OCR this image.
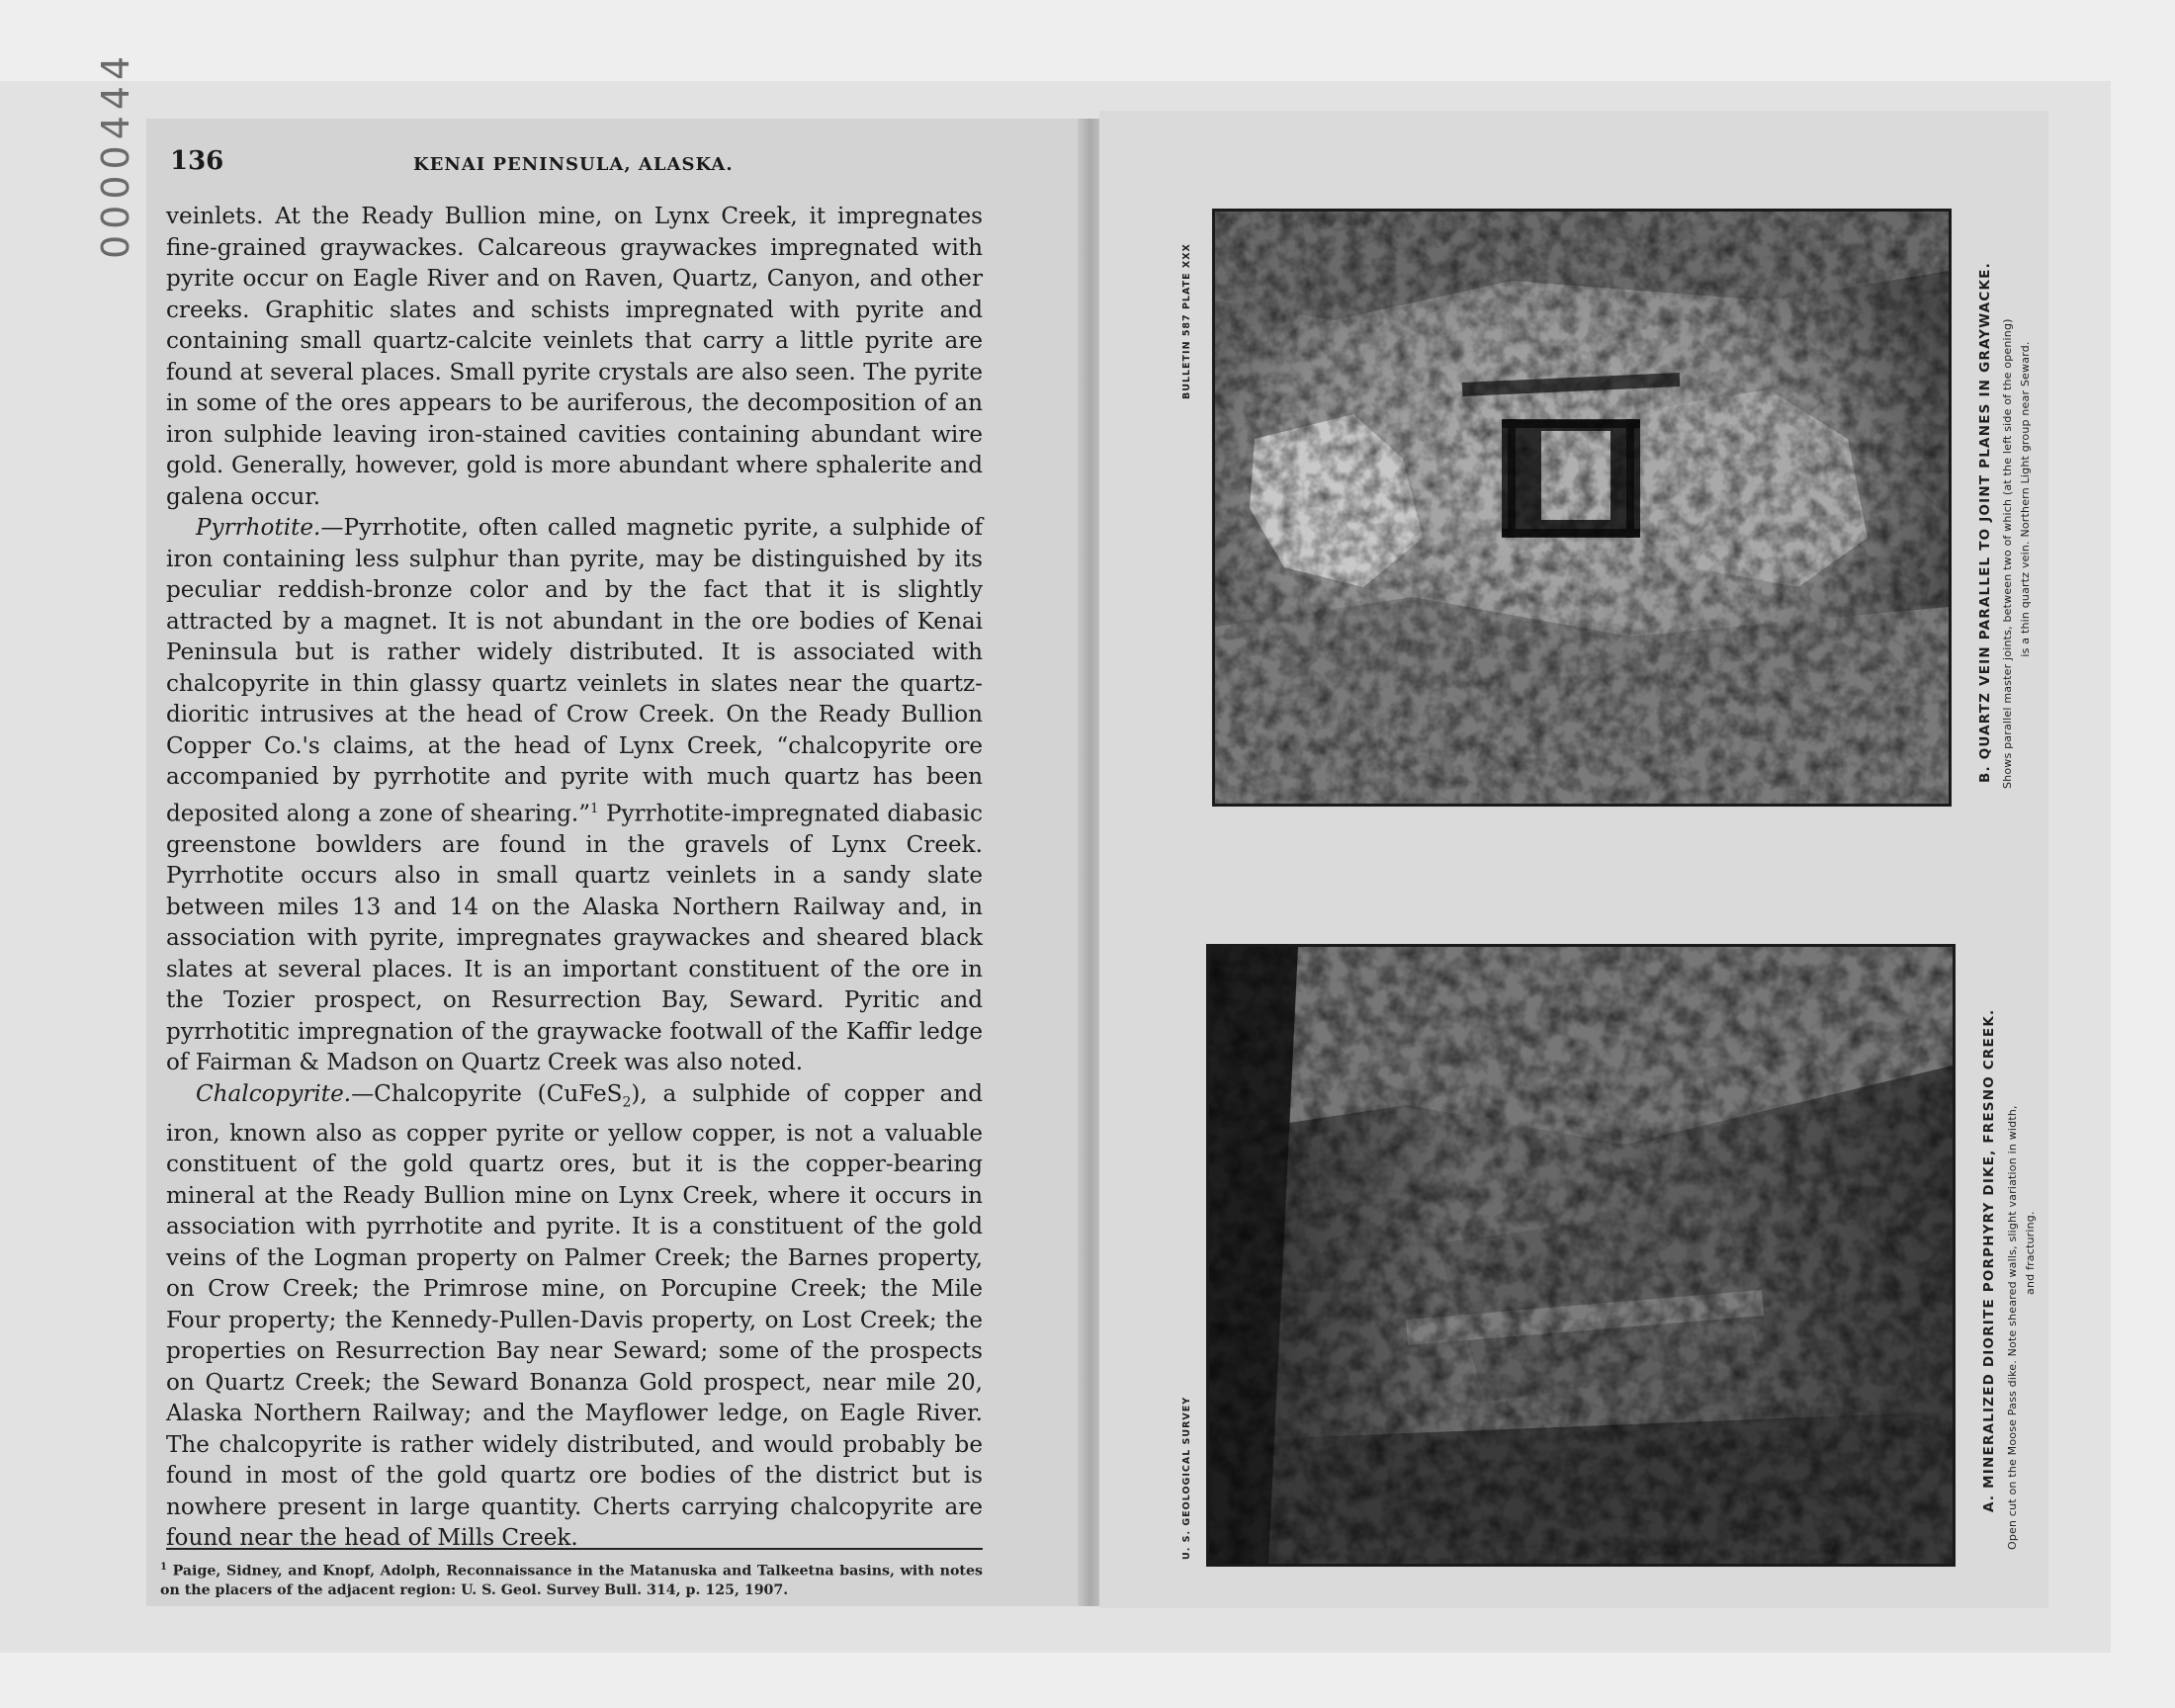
0000444 136	KENAI PENINSULA, ALASKA.

veinlets. At the Ready Bullion mine, on Lynx Creek, it impregnates fine-grained graywackes. Calcareous graywackes impregnated with pyrite occur on Eagle River and on Raven, Quartz, Canyon, and other creeks. Graphitic slates and schists impregnated with pyrite and containing small quartz-calcite veinlets that carry a little pyrite are found at several places. Small pyrite crystals are also seen. The pyrite in some of the ores appears to be auriferous, the decomposition of an iron sulphide leaving iron-stained cavities containing abundant wire gold. Generally, however, gold is more abundant where sphalerite and galena occur.

Pyrrhotite.—Pyrrhotite, often called magnetic pyrite, a sulphide of iron containing less sulphur than pyrite, may be distinguished by its peculiar reddish-bronze color and by the fact that it is slightly attracted by a magnet. It is not abundant in the ore bodies of Kenai Peninsula but is rather widely distributed. It is associated with chalcopyrite in thin glassy quartz veinlets in slates near the quartz-dioritic intrusives at the head of Crow Creek. On the Ready Bullion Copper Co.'s claims, at the head of Lynx Creek, “chalcopyrite ore accompanied by pyrrhotite and pyrite with much quartz has been deposited along a zone of shearing.”$^1$ Pyrrhotite-impregnated diabasic greenstone bowlders are found in the gravels of Lynx Creek. Pyrrhotite occurs also in small quartz veinlets in a sandy slate between miles 13 and 14 on the Alaska Northern Railway and, in association with pyrite, impregnates graywackes and sheared black slates at several places. It is an important constituent of the ore in the Tozier prospect, on Resurrection Bay, Seward. Pyritic and pyrrhotitic impregnation of the graywacke footwall of the Kaffir ledge of Fairman & Madson on Quartz Creek was also noted.

Chalcopyrite.—Chalcopyrite (CuFeS$_2$), a sulphide of copper and iron, known also as copper pyrite or yellow copper, is not a valuable constituent of the gold quartz ores, but it is the copper-bearing mineral at the Ready Bullion mine on Lynx Creek, where it occurs in association with pyrrhotite and pyrite. It is a constituent of the gold veins of the Logman property on Palmer Creek; the Barnes property, on Crow Creek; the Primrose mine, on Porcupine Creek; the Mile Four property; the Kennedy-Pullen-Davis property, on Lost Creek; the properties on Resurrection Bay near Seward; some of the prospects on Quartz Creek; the Seward Bonanza Gold prospect, near mile 20, Alaska Northern Railway; and the Mayflower ledge, on Eagle River. The chalcopyrite is rather widely distributed, and would probably be found in most of the gold quartz ore bodies of the district but is nowhere present in large quantity. Cherts carrying chalcopyrite are found near the head of Mills Creek.

$^1$ Paige, Sidney, and Knopf, Adolph, Reconnaissance in the Matanuska and Talkeetna basins, with notes on the placers of the adjacent region: U. S. Geol. Survey Bull. 314, p. 125, 1907.
BULLETIN 587 PLATE XXX
U. S. GEOLOGICAL SURVEY
B. QUARTZ VEIN PARALLEL TO JOINT PLANES IN GRAYWACKE. Shows parallel master joints, between two of which (at the left side of the opening) is a thin quartz vein. Northern Light group near Seward.
A. MINERALIZED DIORITE PORPHYRY DIKE, FRESNO CREEK. Open cut on the Moose Pass dike. Note sheared walls, slight variation in width, and fracturing.
